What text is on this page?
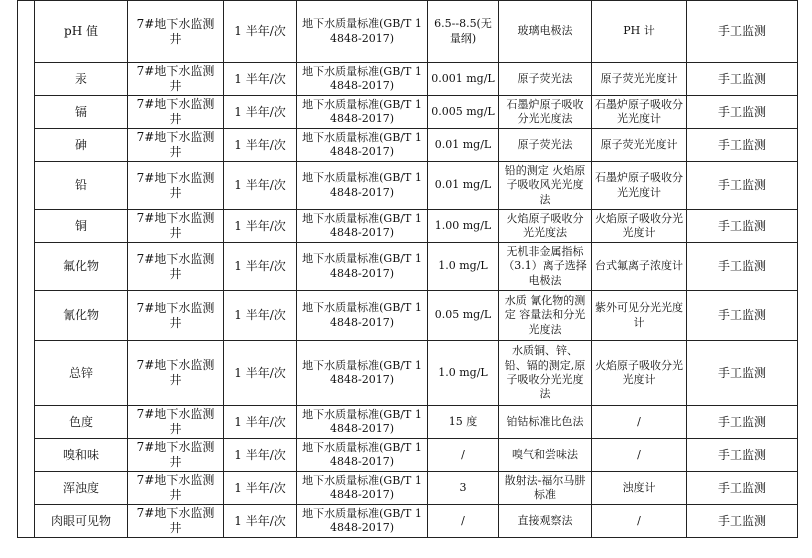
	pH 值	7#地下水监测井	1 半年/次	地下水质量标准(GB/T 14848-2017)	6.5--8.5(无量纲)	玻璃电极法	PH 计	手工监测
	汞	7#地下水监测井	1 半年/次	地下水质量标准(GB/T 14848-2017)	0.001 mg/L	原子荧光法	原子荧光光度计	手工监测
	镉	7#地下水监测井	1 半年/次	地下水质量标准(GB/T 14848-2017)	0.005 mg/L	石墨炉原子吸收分光光度法	石墨炉原子吸收分光光度计	手工监测
	砷	7#地下水监测井	1 半年/次	地下水质量标准(GB/T 14848-2017)	0.01 mg/L	原子荧光法	原子荧光光度计	手工监测
	铅	7#地下水监测井	1 半年/次	地下水质量标准(GB/T 14848-2017)	0.01 mg/L	铅的测定 火焰原子吸收风光光度法	石墨炉原子吸收分光光度计	手工监测
	铜	7#地下水监测井	1 半年/次	地下水质量标准(GB/T 14848-2017)	1.00 mg/L	火焰原子吸收分光光度法	火焰原子吸收分光光度计	手工监测
	氟化物	7#地下水监测井	1 半年/次	地下水质量标准(GB/T 14848-2017)	1.0 mg/L	无机非金属指标（3.1）离子选择电极法	台式氟离子浓度计	手工监测
	氰化物	7#地下水监测井	1 半年/次	地下水质量标准(GB/T 14848-2017)	0.05 mg/L	水质 氰化物的测定 容量法和分光光度法	紫外可见分光光度计	手工监测
	总锌	7#地下水监测井	1 半年/次	地下水质量标准(GB/T 14848-2017)	1.0 mg/L	水质铜、锌、铅、镉的测定,原子吸收分光光度法	火焰原子吸收分光光度计	手工监测
	色度	7#地下水监测井	1 半年/次	地下水质量标准(GB/T 14848-2017)	15 度	铂钴标准比色法	/	手工监测
	嗅和味	7#地下水监测井	1 半年/次	地下水质量标准(GB/T 14848-2017)	/	嗅气和尝味法	/	手工监测
	浑浊度	7#地下水监测井	1 半年/次	地下水质量标准(GB/T 14848-2017)	3	散射法-福尔马肼标准	浊度计	手工监测
	肉眼可见物	7#地下水监测井	1 半年/次	地下水质量标准(GB/T 14848-2017)	/	直接观察法	/	手工监测
